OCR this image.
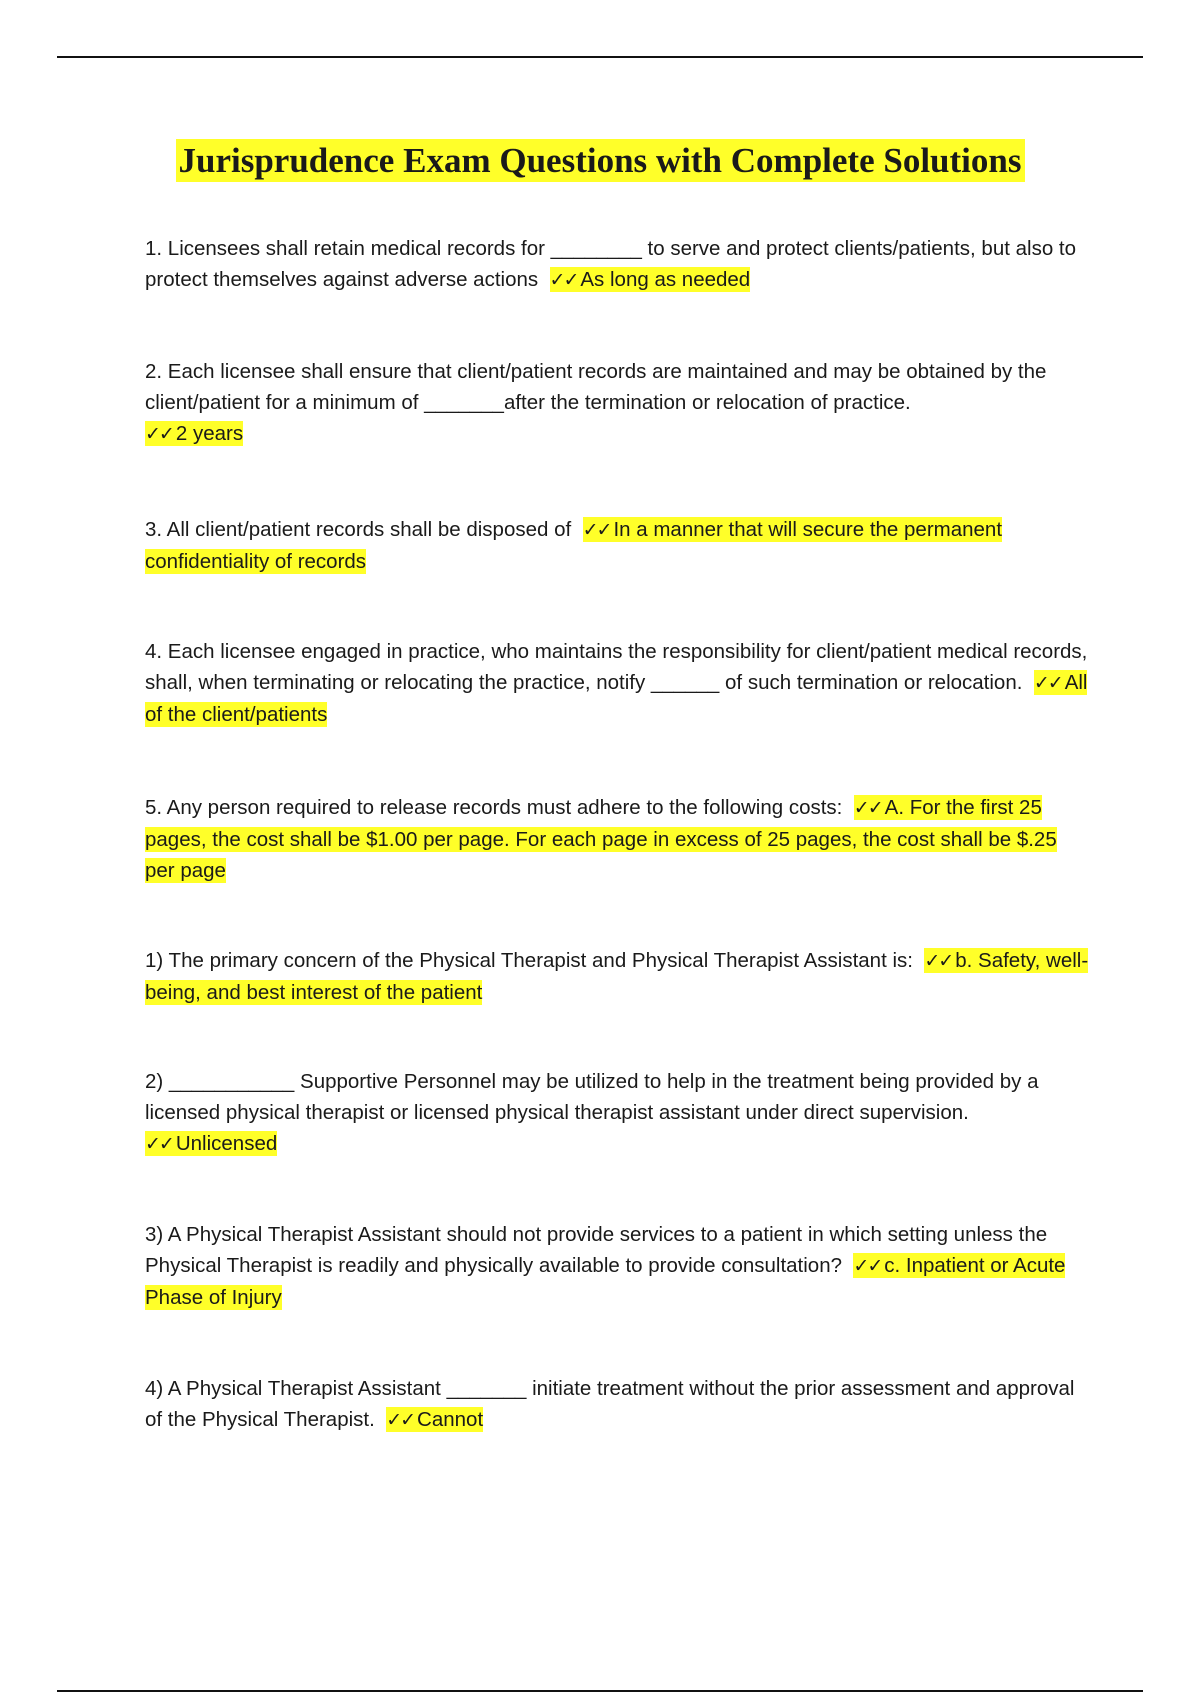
Jurisprudence Exam Questions with Complete Solutions

1. Licensees shall retain medical records for ________ to serve and protect clients/patients, but also to protect themselves against adverse actions ✓✓ As long as needed

2. Each licensee shall ensure that client/patient records are maintained and may be obtained by the client/patient for a minimum of _______after the termination or relocation of practice.
✓✓ 2 years

3. All client/patient records shall be disposed of ✓✓ In a manner that will secure the permanent confidentiality of records

4. Each licensee engaged in practice, who maintains the responsibility for client/patient medical records, shall, when terminating or relocating the practice, notify ______ of such termination or relocation. ✓✓ All of the client/patients

5. Any person required to release records must adhere to the following costs: ✓✓ A. For the first 25 pages, the cost shall be $1.00 per page. For each page in excess of 25 pages, the cost shall be $.25 per page

1) The primary concern of the Physical Therapist and Physical Therapist Assistant is: ✓✓ b. Safety, well-being, and best interest of the patient

2) ___________ Supportive Personnel may be utilized to help in the treatment being provided by a licensed physical therapist or licensed physical therapist assistant under direct supervision.
✓✓ Unlicensed

3) A Physical Therapist Assistant should not provide services to a patient in which setting unless the Physical Therapist is readily and physically available to provide consultation? ✓✓ c. Inpatient or Acute Phase of Injury

4) A Physical Therapist Assistant _______ initiate treatment without the prior assessment and approval of the Physical Therapist. ✓✓ Cannot
